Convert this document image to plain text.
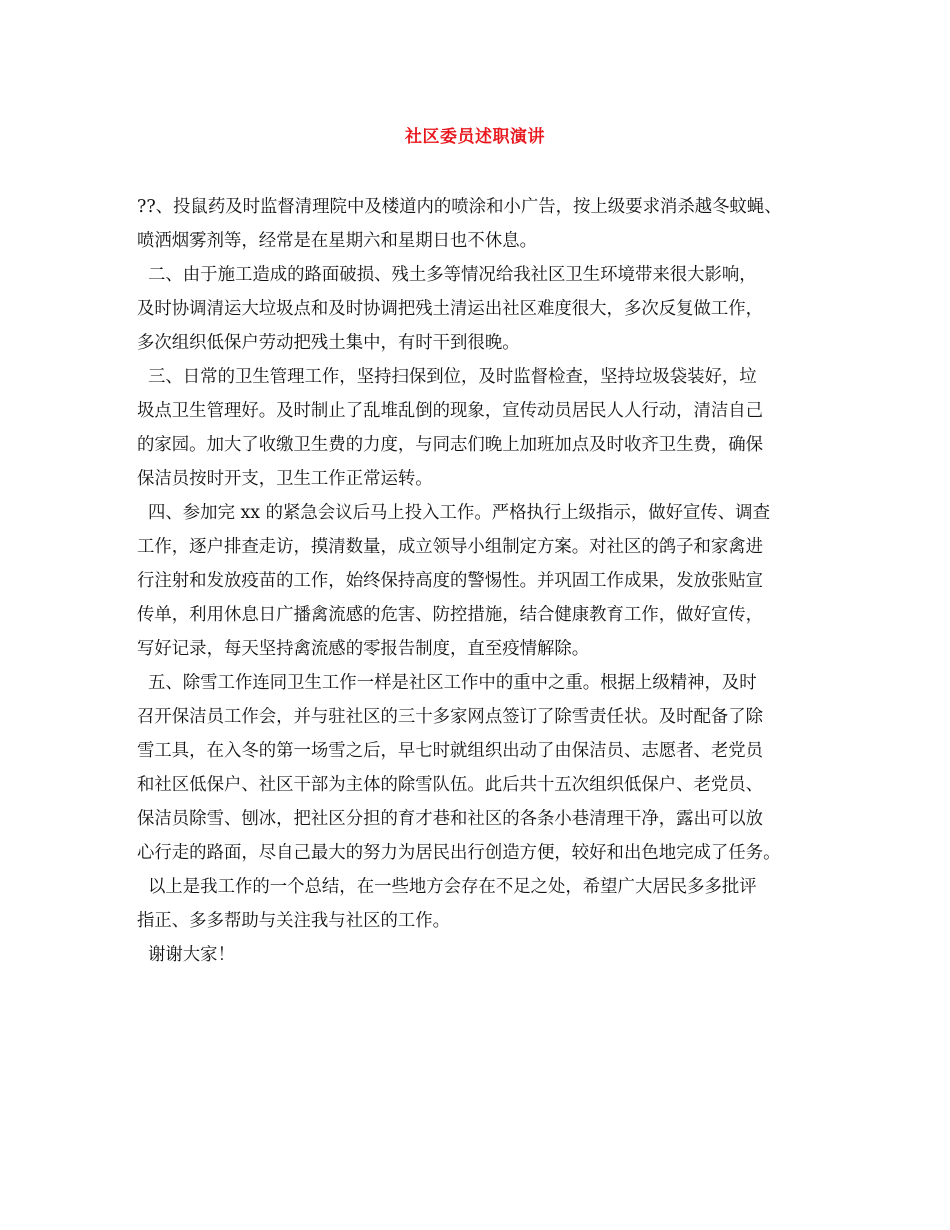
社区委员述职演讲

??、投鼠药及时监督清理院中及楼道内的喷涂和小广告，按上级要求消杀越冬蚊蝇、

喷洒烟雾剂等，经常是在星期六和星期日也不休息。

二、由于施工造成的路面破损、残土多等情况给我社区卫生环境带来很大影响，

及时协调清运大垃圾点和及时协调把残土清运出社区难度很大，多次反复做工作，

多次组织低保户劳动把残土集中，有时干到很晚。

三、日常的卫生管理工作，坚持扫保到位，及时监督检查，坚持垃圾袋装好，垃

圾点卫生管理好。及时制止了乱堆乱倒的现象，宣传动员居民人人行动，清洁自己

的家园。加大了收缴卫生费的力度，与同志们晚上加班加点及时收齐卫生费，确保

保洁员按时开支，卫生工作正常运转。

四、参加完 xx 的紧急会议后马上投入工作。严格执行上级指示，做好宣传、调查

工作，逐户排查走访，摸清数量，成立领导小组制定方案。对社区的鸽子和家禽进

行注射和发放疫苗的工作，始终保持高度的警惕性。并巩固工作成果，发放张贴宣

传单，利用休息日广播禽流感的危害、防控措施，结合健康教育工作，做好宣传，

写好记录，每天坚持禽流感的零报告制度，直至疫情解除。

五、除雪工作连同卫生工作一样是社区工作中的重中之重。根据上级精神，及时

召开保洁员工作会，并与驻社区的三十多家网点签订了除雪责任状。及时配备了除

雪工具，在入冬的第一场雪之后，早七时就组织出动了由保洁员、志愿者、老党员

和社区低保户、社区干部为主体的除雪队伍。此后共十五次组织低保户、老党员、

保洁员除雪、刨冰，把社区分担的育才巷和社区的各条小巷清理干净，露出可以放

心行走的路面，尽自己最大的努力为居民出行创造方便，较好和出色地完成了任务。

以上是我工作的一个总结，在一些地方会存在不足之处，希望广大居民多多批评

指正、多多帮助与关注我与社区的工作。

谢谢大家！
